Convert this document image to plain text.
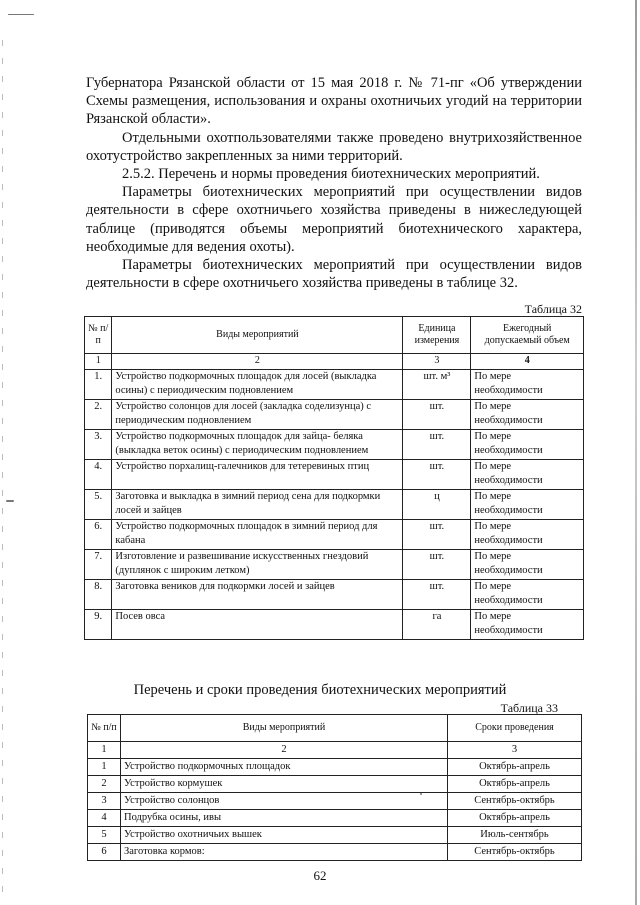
Губернатора Рязанской области от 15 мая 2018 г. № 71-пг «Об утверждении Схемы размещения, использования и охраны охотничьих угодий на территории Рязанской области».

Отдельными охотпользователями также проведено внутрихозяйственное охотустройство закрепленных за ними территорий.

2.5.2. Перечень и нормы проведения биотехнических мероприятий.

Параметры биотехнических мероприятий при осуществлении видов деятельности в сфере охотничьего хозяйства приведены в нижеследующей таблице (приводятся объемы мероприятий биотехнического характера, необходимые для ведения охоты).

Параметры биотехнических мероприятий при осуществлении видов деятельности в сфере охотничьего хозяйства приведены в таблице 32.

Таблица 32
№ п/п	Виды мероприятий	Единица измерения	Ежегодный допускаемый объем
1	2	3	4
1.	Устройство подкормочных площадок для лосей (выкладка осины) с периодическим подновлением	шт. м³	По мере необходимости
2.	Устройство солонцов для лосей (закладка соделизунца) с периодическим подновлением	шт.	По мере необходимости
3.	Устройство подкормочных площадок для зайца- беляка (выкладка веток осины) с периодическим подновлением	шт.	По мере необходимости
4.	Устройство порхалищ-галечников для тетеревиных птиц	шт.	По мере необходимости
5.	Заготовка и выкладка в зимний период сена для подкормки лосей и зайцев	ц	По мере необходимости
6.	Устройство подкормочных площадок в зимний период для кабана	шт.	По мере необходимости
7.	Изготовление и развешивание искусственных гнездовий (дуплянок с широким летком)	шт.	По мере необходимости
8.	Заготовка веников для подкормки лосей и зайцев	шт.	По мере необходимости
9.	Посев овса	га	По мере необходимости
Перечень и сроки проведения биотехнических мероприятий
Таблица 33
№ п/п	Виды мероприятий	Сроки проведения
1	2	3
1	Устройство подкормочных площадок	Октябрь-апрель
2	Устройство кормушек	Октябрь-апрель
3	Устройство солонцов	Сентябрь-октябрь
4	Подрубка осины, ивы	Октябрь-апрель
5	Устройство охотничьих вышек	Июль-сентябрь
6	Заготовка кормов:	Сентябрь-октябрь
62
